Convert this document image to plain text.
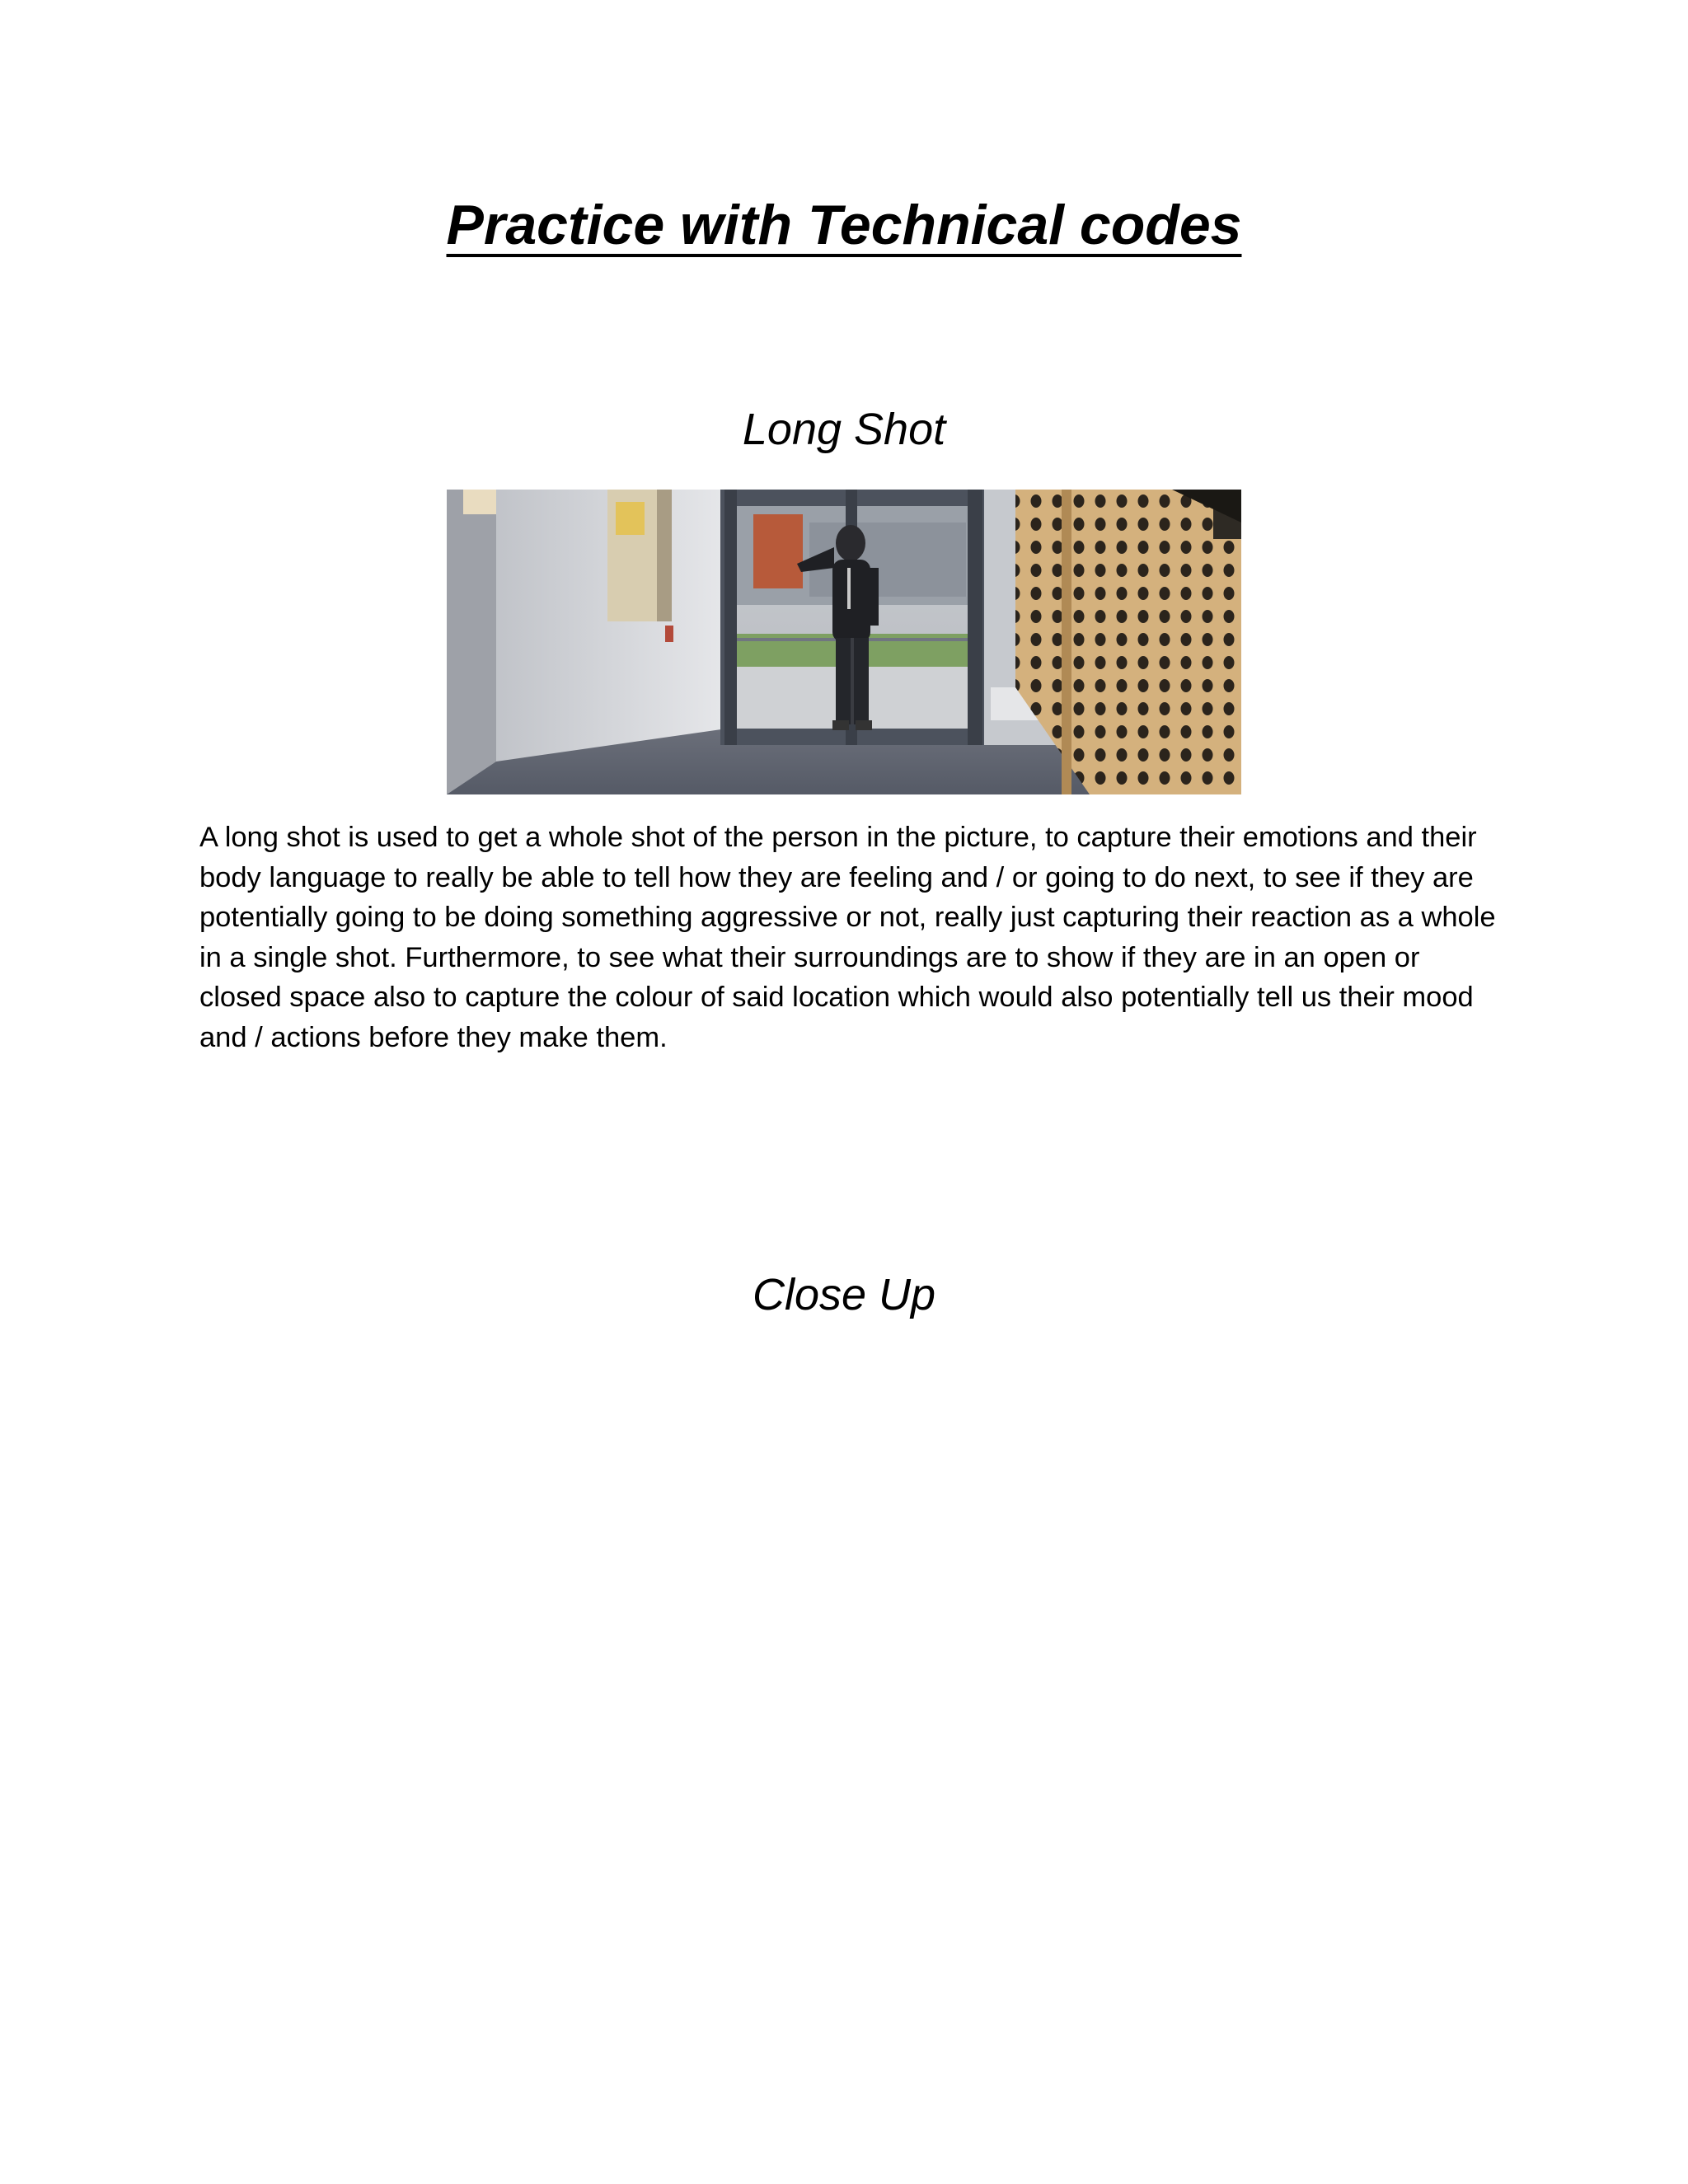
Practice with Technical codes
Long Shot

A long shot is used to get a whole shot of the person in the picture, to capture their emotions and their body language to really be able to tell how they are feeling and / or going to do next, to see if they are potentially going to be doing something aggressive or not, really just capturing their reaction as a whole in a single shot. Furthermore, to see what their surroundings are to show if they are in an open or closed space also to capture the colour of said location which would also potentially tell us their mood and / actions before they make them.

Close Up
